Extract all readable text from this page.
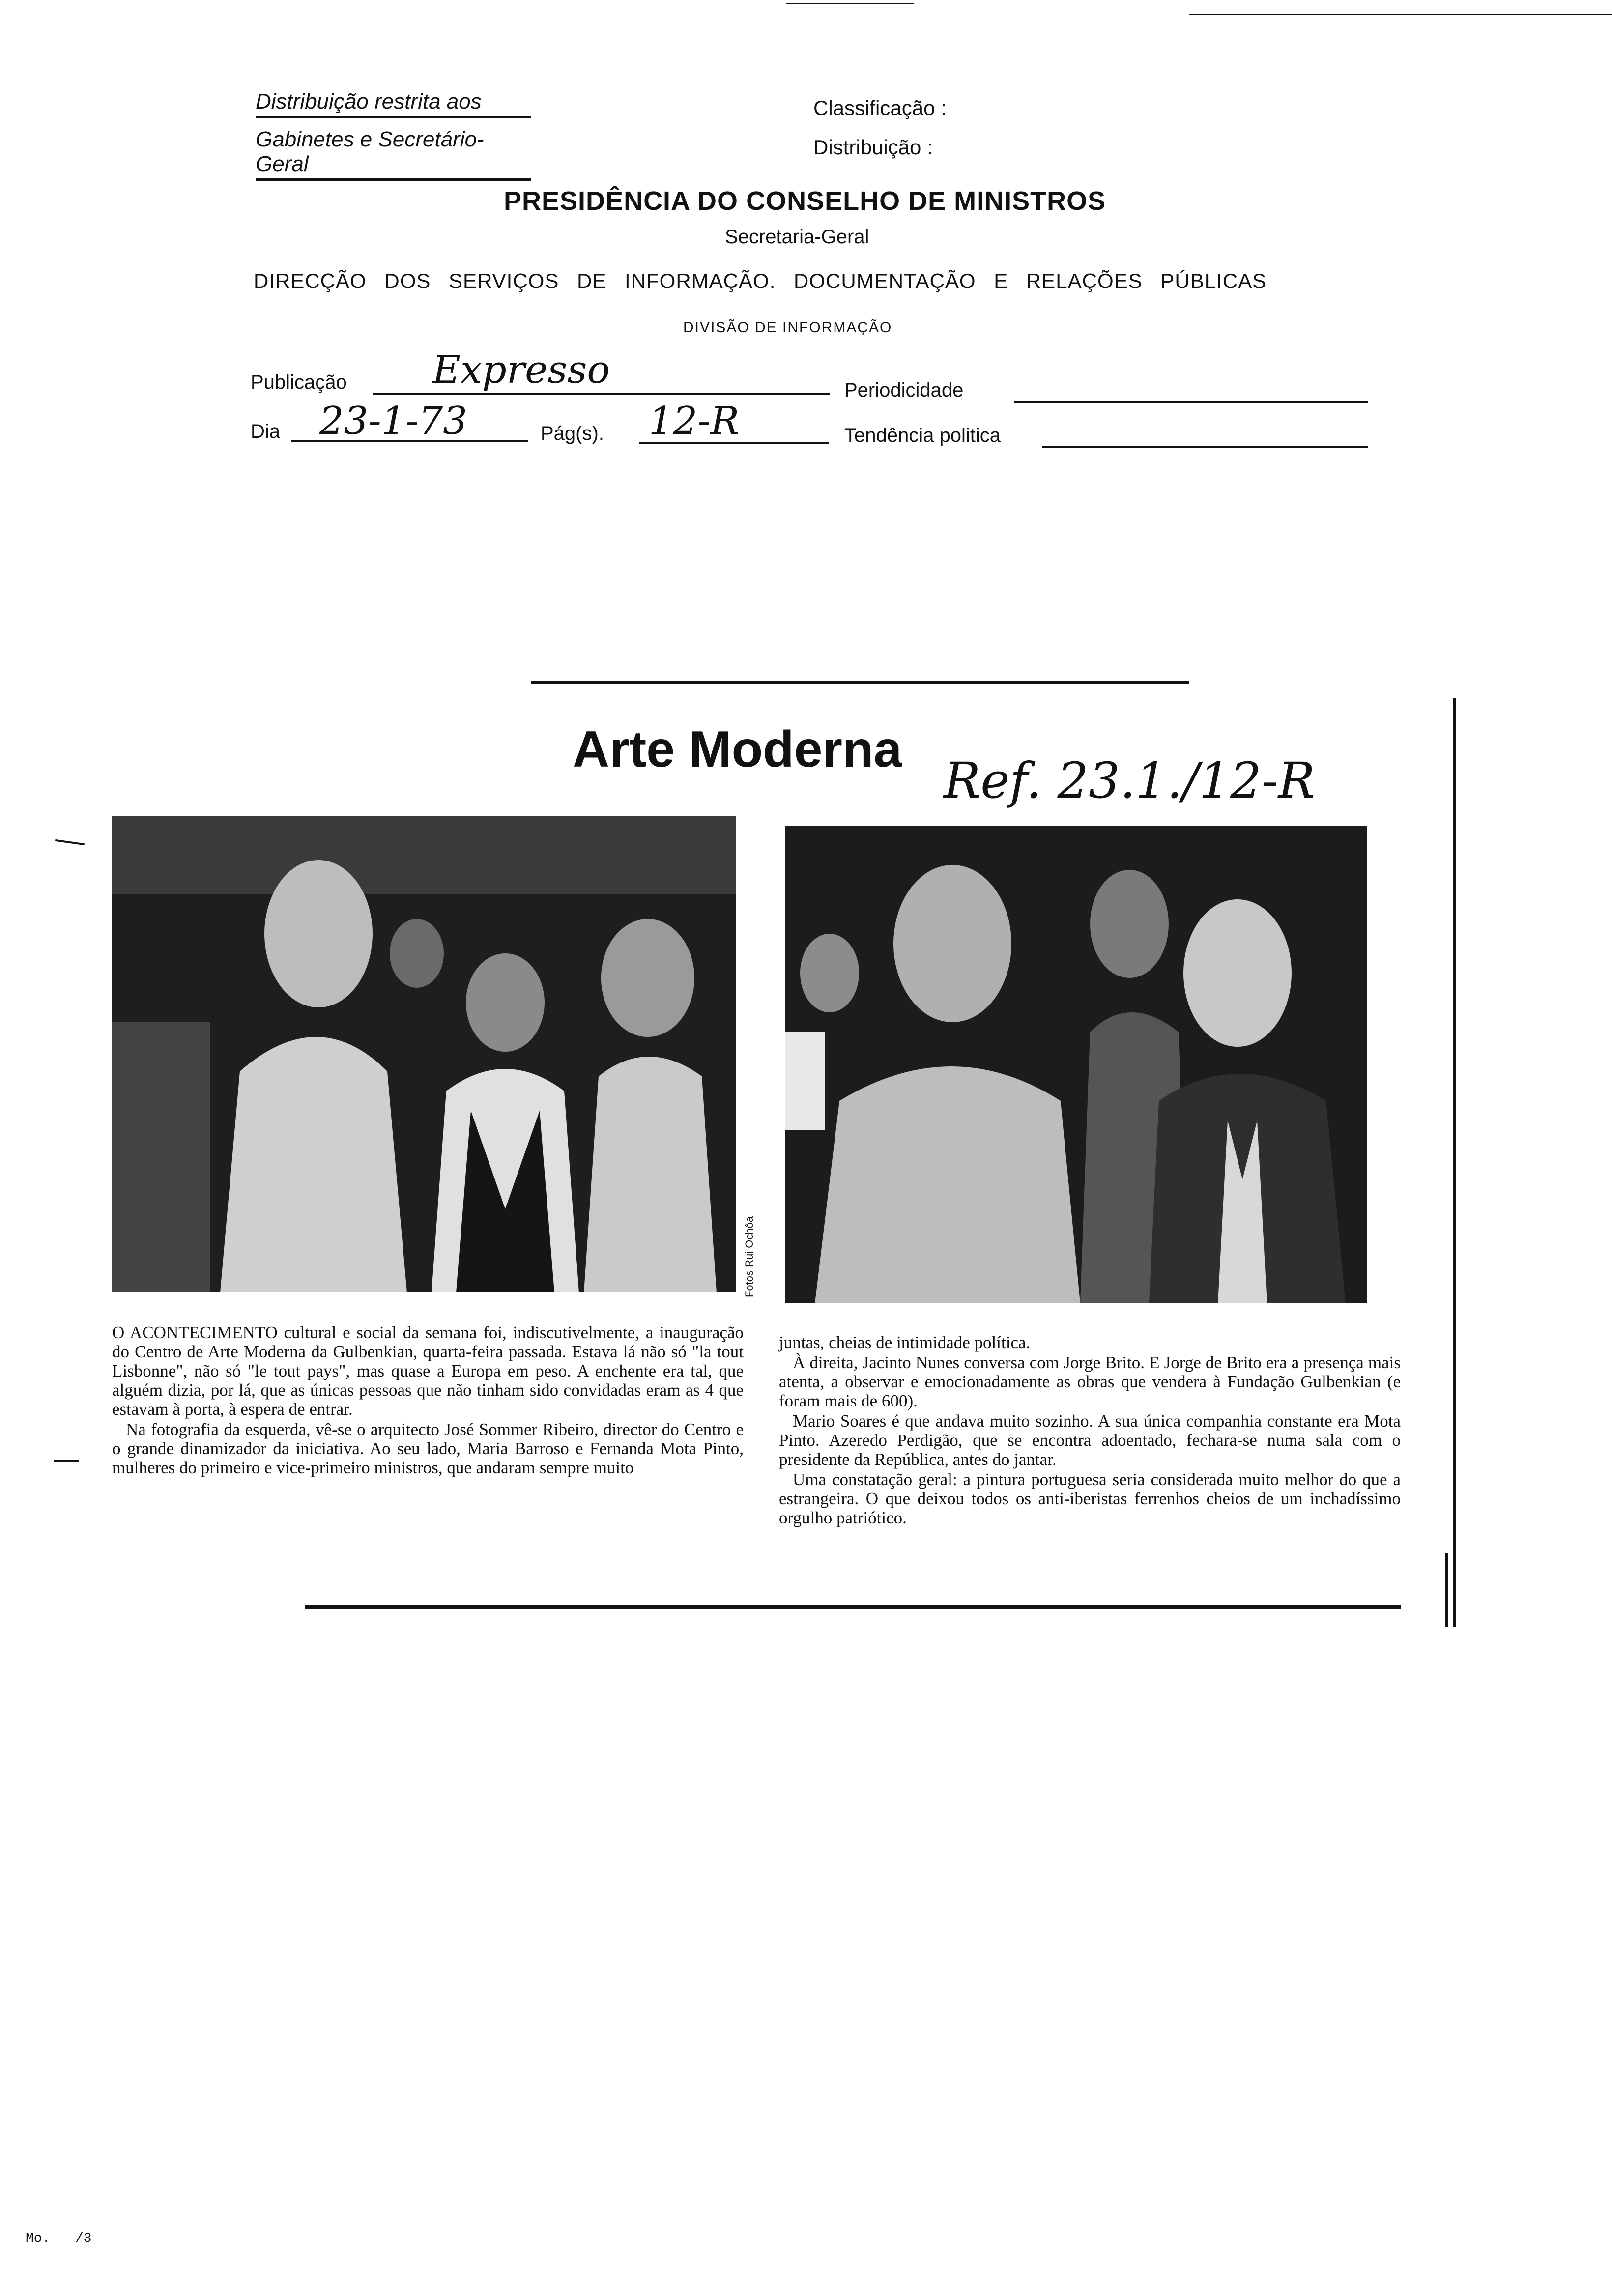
Distribuição restrita aos
Gabinetes e Secretário-Geral
Classificação :
Distribuição :
PRESIDÊNCIA DO CONSELHO DE MINISTROS
Secretaria-Geral
DIRECÇÃO DOS SERVIÇOS DE INFORMAÇÃO. DOCUMENTAÇÃO E RELAÇÕES PÚBLICAS
DIVISÃO DE INFORMAÇÃO
Publicação Expresso	Periodicidade
Dia 23-1-73	Pág(s). 12-R	Tendência politica
Arte Moderna
Ref. 23.1./12-R
Fotos Rui Ochôa

O ACONTECIMENTO cultural e social da semana foi, indiscutivelmente, a inauguração do Centro de Arte Moderna da Gulbenkian, quarta-feira passada. Estava lá não só "la tout Lisbonne", não só "le tout pays", mas quase a Europa em peso. A enchente era tal, que alguém dizia, por lá, que as únicas pessoas que não tinham sido convidadas eram as 4 que estavam à porta, à espera de entrar.

Na fotografia da esquerda, vê-se o arquitecto José Sommer Ribeiro, director do Centro e o grande dinamizador da iniciativa. Ao seu lado, Maria Barroso e Fernanda Mota Pinto, mulheres do primeiro e vice-primeiro ministros, que andaram sempre muito

juntas, cheias de intimidade política.

À direita, Jacinto Nunes conversa com Jorge Brito. E Jorge de Brito era a presença mais atenta, a observar e emocionadamente as obras que vendera à Fundação Gulbenkian (e foram mais de 600).

Mario Soares é que andava muito sozinho. A sua única companhia constante era Mota Pinto. Azeredo Perdigão, que se encontra adoentado, fechara-se numa sala com o presidente da República, antes do jantar.

Uma constatação geral: a pintura portuguesa seria considerada muito melhor do que a estrangeira. O que deixou todos os anti-iberistas ferrenhos cheios de um inchadíssimo orgulho patriótico.

Mo.   /3
